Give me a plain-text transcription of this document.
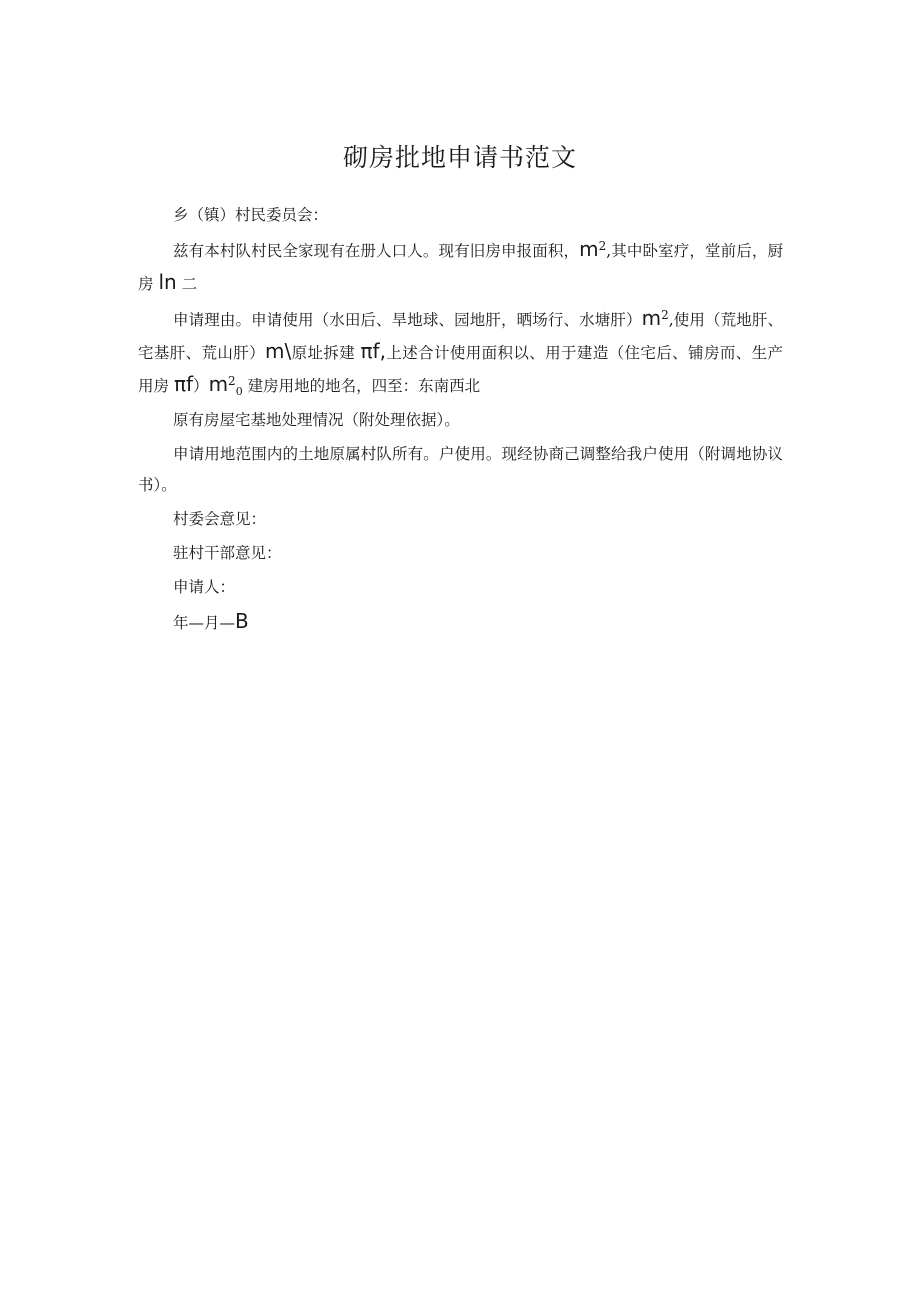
砌房批地申请书范文

乡（镇）村民委员会：

兹有本村队村民全家现有在册人口人。现有旧房申报面积，$m^2$,其中卧室疗，堂前后，厨房 ln 二

申请理由。申请使用（水田后、旱地球、园地肝，晒场行、水塘肝）$m^2$,使用（荒地肝、宅基肝、荒山肝）m\原址拆建 πf,上述合计使用面积以、用于建造（住宅后、铺房而、生产用房 $\pi f)m^2_0$ 建房用地的地名，四至：东南西北

原有房屋宅基地处理情况（附处理依据）。

申请用地范围内的土地原属村队所有。户使用。现经协商己调整给我户使用（附调地协议书）。

村委会意见：

驻村干部意见：

申请人：

年—月—B
